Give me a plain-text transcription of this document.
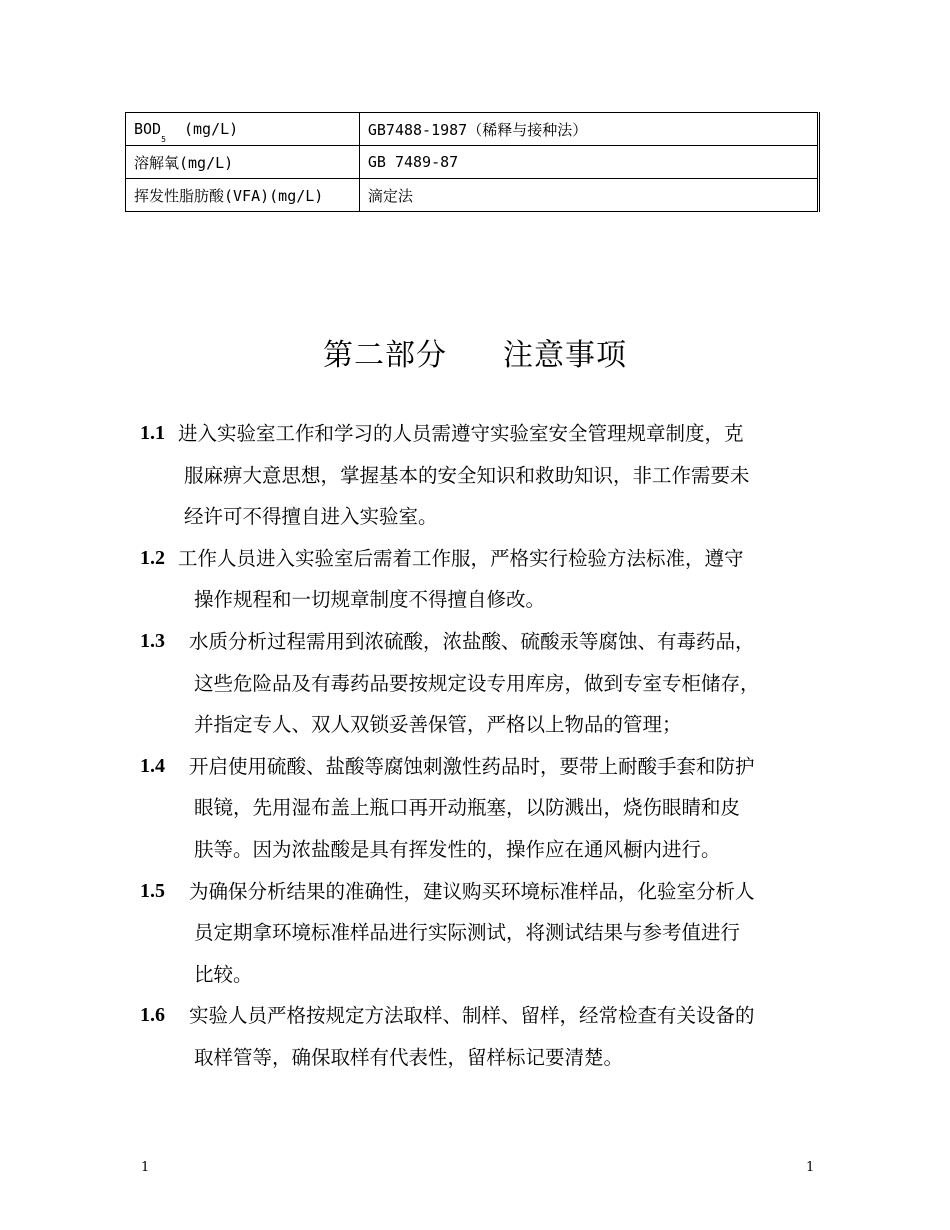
$BOD_5$  (mg/L)	GB7488-1987（稀释与接种法）
溶解氧(mg/L)	GB 7489-87
挥发性脂肪酸(VFA)(mg/L)	滴定法
第二部分 注意事项
1.1 进入实验室工作和学习的人员需遵守实验室安全管理规章制度，克
服麻痹大意思想，掌握基本的安全知识和救助知识，非工作需要未
经许可不得擅自进入实验室。
1.2 工作人员进入实验室后需着工作服，严格实行检验方法标准，遵守
操作规程和一切规章制度不得擅自修改。
1.3 水质分析过程需用到浓硫酸，浓盐酸、硫酸汞等腐蚀、有毒药品，
这些危险品及有毒药品要按规定设专用库房，做到专室专柜储存，
并指定专人、双人双锁妥善保管，严格以上物品的管理；
1.4 开启使用硫酸、盐酸等腐蚀刺激性药品时，要带上耐酸手套和防护
眼镜，先用湿布盖上瓶口再开动瓶塞，以防溅出，烧伤眼睛和皮
肤等。因为浓盐酸是具有挥发性的，操作应在通风橱内进行。
1.5 为确保分析结果的准确性，建议购买环境标准样品，化验室分析人
员定期拿环境标准样品进行实际测试，将测试结果与参考值进行
比较。
1.6 实验人员严格按规定方法取样、制样、留样，经常检查有关设备的
取样管等，确保取样有代表性，留样标记要清楚。
1	1
